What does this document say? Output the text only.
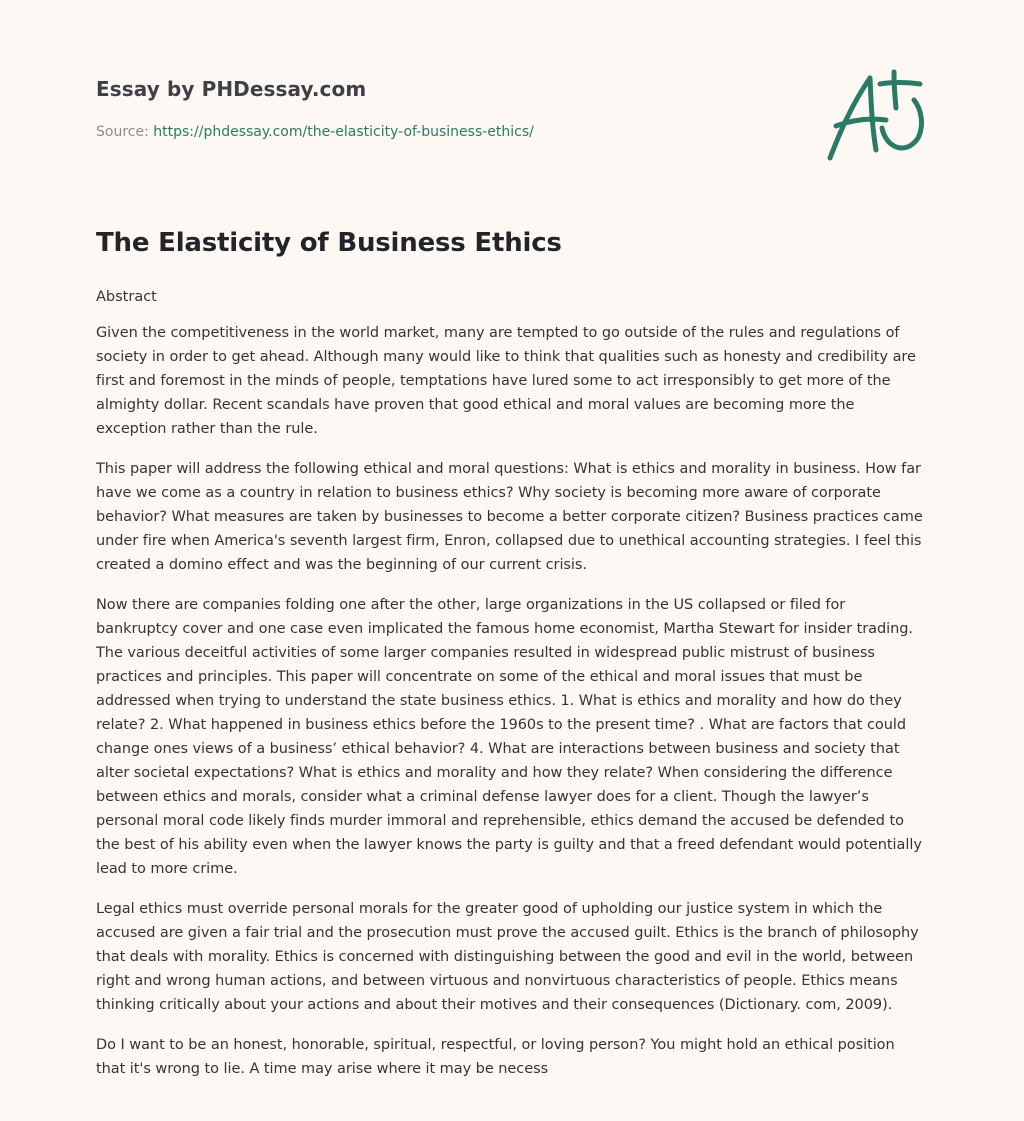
Essay by PHDessay.com
Source: https://phdessay.com/the-elasticity-of-business-ethics/
The Elasticity of Business Ethics
Abstract

Given the competitiveness in the world market, many are tempted to go outside of the rules and regulations of society in order to get ahead. Although many would like to think that qualities such as honesty and credibility are first and foremost in the minds of people, temptations have lured some to act irresponsibly to get more of the almighty dollar. Recent scandals have proven that good ethical and moral values are becoming more the exception rather than the rule.

This paper will address the following ethical and moral questions: What is ethics and morality in business. How far have we come as a country in relation to business ethics? Why society is becoming more aware of corporate behavior? What measures are taken by businesses to become a better corporate citizen? Business practices came under fire when America's seventh largest firm, Enron, collapsed due to unethical accounting strategies. I feel this created a domino effect and was the beginning of our current crisis.

Now there are companies folding one after the other, large organizations in the US collapsed or filed for bankruptcy cover and one case even implicated the famous home economist, Martha Stewart for insider trading. The various deceitful activities of some larger companies resulted in widespread public mistrust of business practices and principles. This paper will concentrate on some of the ethical and moral issues that must be addressed when trying to understand the state business ethics. 1. What is ethics and morality and how do they relate? 2. What happened in business ethics before the 1960s to the present time? . What are factors that could change ones views of a business’ ethical behavior? 4. What are interactions between business and society that alter societal expectations? What is ethics and morality and how they relate? When considering the difference between ethics and morals, consider what a criminal defense lawyer does for a client. Though the lawyer’s personal moral code likely finds murder immoral and reprehensible, ethics demand the accused be defended to the best of his ability even when the lawyer knows the party is guilty and that a freed defendant would potentially lead to more crime.

Legal ethics must override personal morals for the greater good of upholding our justice system in which the accused are given a fair trial and the prosecution must prove the accused guilt. Ethics is the branch of philosophy that deals with morality. Ethics is concerned with distinguishing between the good and evil in the world, between right and wrong human actions, and between virtuous and nonvirtuous characteristics of people. Ethics means thinking critically about your actions and about their motives and their consequences (Dictionary. com, 2009).

Do I want to be an honest, honorable, spiritual, respectful, or loving person? You might hold an ethical position that it's wrong to lie. A time may arise where it may be necess
